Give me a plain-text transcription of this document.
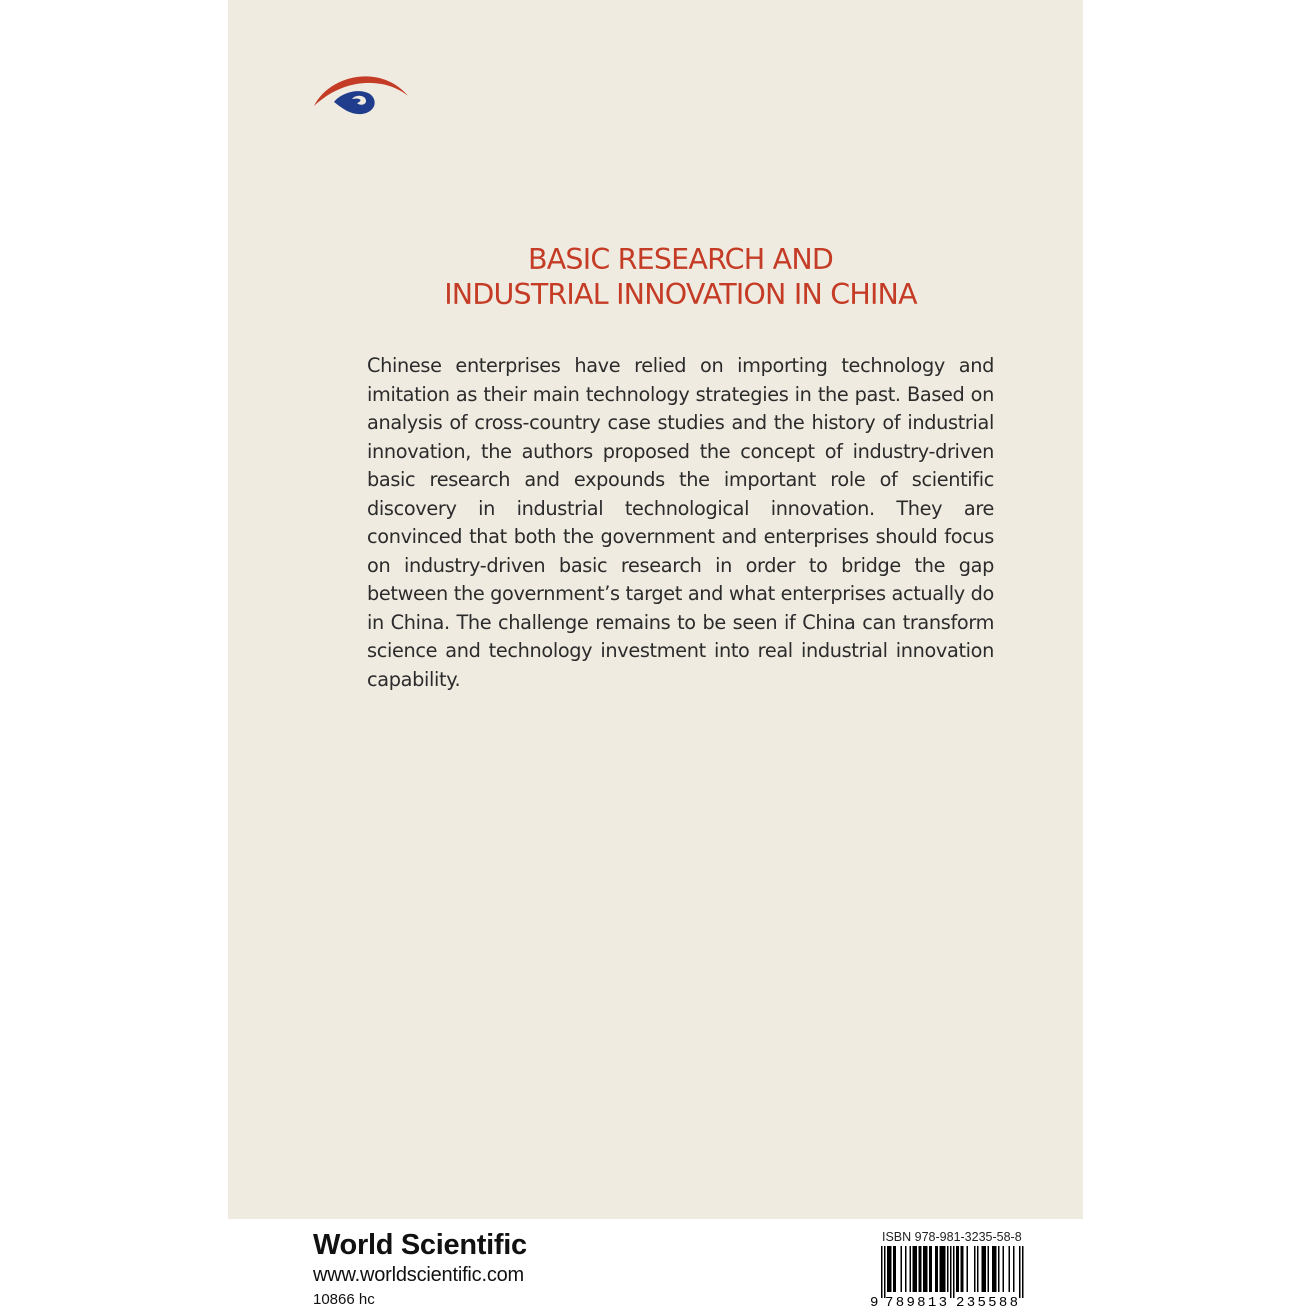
BASIC RESEARCH AND
INDUSTRIAL INNOVATION IN CHINA

Chinese enterprises have relied on importing technology and imitation as their main technology strategies in the past. Based on analysis of cross-country case studies and the history of industrial innovation, the authors proposed the concept of industry-driven basic research and expounds the important role of scientific discovery in industrial technological innovation. They are convinced that both the government and enterprises should focus on industry-driven basic research in order to bridge the gap between the government’s target and what enterprises actually do in China. The challenge remains to be seen if China can transform science and technology investment into real industrial innovation capability.

World Scientific
www.worldscientific.com
10866 hc
ISBN 978-981-3235-58-8
9 789813 235588
